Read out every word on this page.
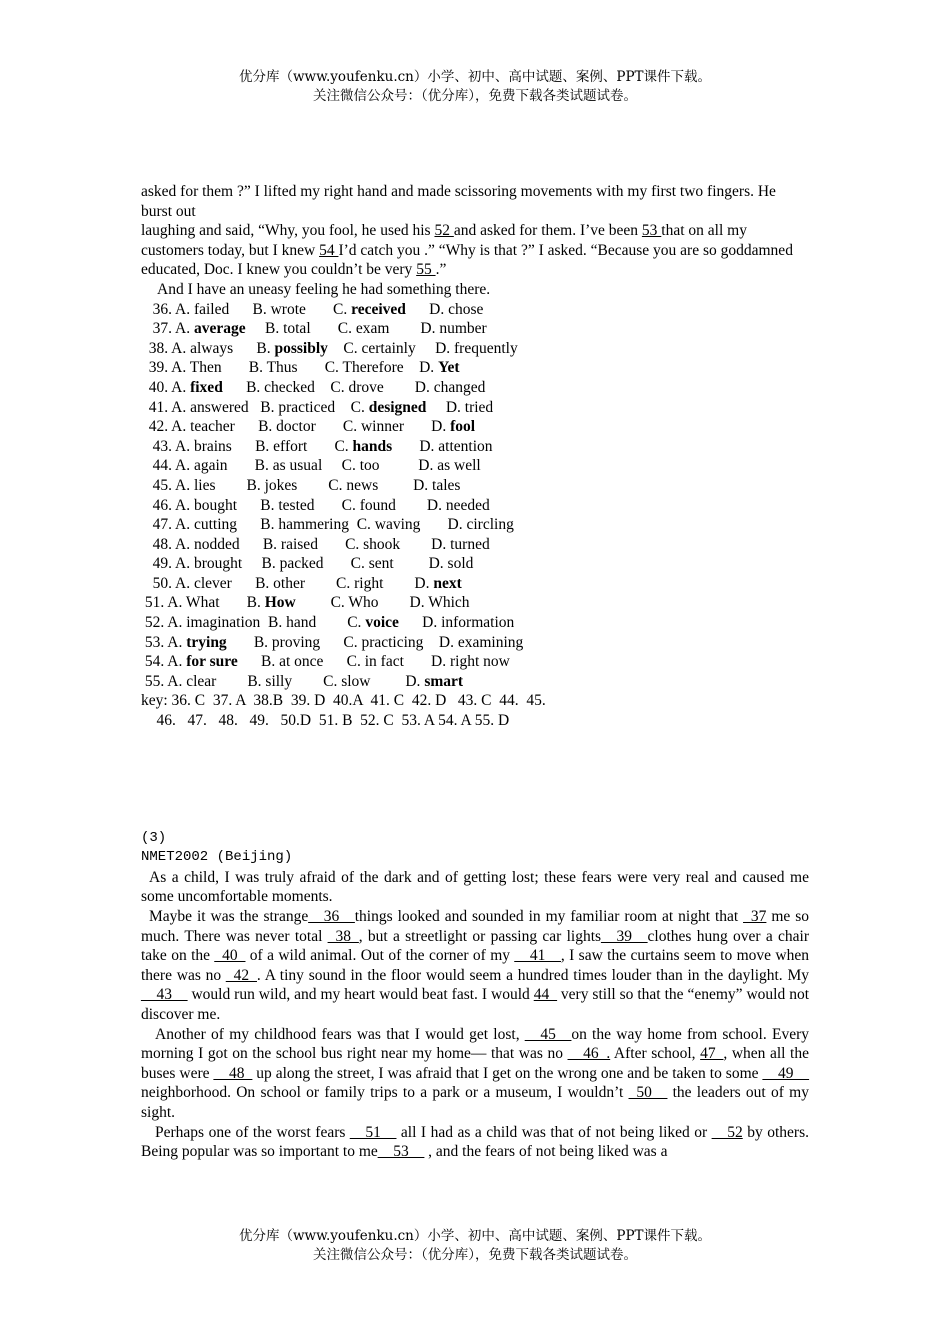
优分库（www.youfenku.cn）小学、初中、高中试题、案例、PPT课件下载。
关注微信公众号：（优分库），免费下载各类试题试卷。

asked for them ?” I lifted my right hand and made scissoring movements with my first two fingers. He burst out

laughing and said, “Why, you fool, he used his 52 and asked for them. I’ve been 53 that on all my customers today, but I knew 54 I’d catch you .” “Why is that ?” I asked. “Because you are so goddamned educated, Doc. I knew you couldn’t be very 55 .”

And I have an uneasy feeling he had something there.

36. A. failed      B. wrote       C. received      D. chose

37. A. average     B. total       C. exam        D. number

38. A. always      B. possibly    C. certainly     D. frequently

39. A. Then       B. Thus       C. Therefore    D. Yet

40. A. fixed      B. checked    C. drove        D. changed

41. A. answered   B. practiced    C. designed     D. tried

42. A. teacher      B. doctor       C. winner       D. fool

43. A. brains      B. effort       C. hands       D. attention

44. A. again       B. as usual     C. too          D. as well

45. A. lies        B. jokes        C. news         D. tales

46. A. bought      B. tested       C. found        D. needed

47. A. cutting      B. hammering  C. waving       D. circling

48. A. nodded      B. raised       C. shook        D. turned

49. A. brought     B. packed       C. sent         D. sold

50. A. clever      B. other        C. right        D. next

51. A. What       B. How         C. Who        D. Which

52. A. imagination  B. hand        C. voice      D. information

53. A. trying       B. proving      C. practicing    D. examining

54. A. for sure      B. at once      C. in fact       D. right now

55. A. clear        B. silly        C. slow         D. smart

key: 36. C  37. A  38.B  39. D  40.A  41. C  42. D   43. C  44.  45.

46.   47.   48.   49.   50.D  51. B  52. C  53. A 54. A 55. D

(3)

NMET2002 (Beijing)

As a child, I was truly afraid of the dark and of getting lost; these fears were very real and caused me some uncomfortable moments.

Maybe it was the strange__36__things looked and sounded in my familiar room at night that _37 me so much. There was never total _38_, but a streetlight or passing car lights__39__clothes hung over a chair take on the _40_ of a wild animal. Out of the corner of my __41__, I saw the curtains seem to move when there was no _42_. A tiny sound in the floor would seem a hundred times louder than in the daylight. My __43__ would run wild, and my heart would beat fast. I would 44_ very still so that the “enemy” would not discover me.

Another of my childhood fears was that I would get lost, __45__on the way home from school. Every morning I got on the school bus right near my home— that was no __46_. After school, 47_, when all the buses were __48_ up along the street, I was afraid that I get on the wrong one and be taken to some __49__ neighborhood. On school or family trips to a park or a museum, I wouldn’t _50__ the leaders out of my sight.

Perhaps one of the worst fears __51__ all I had as a child was that of not being liked or __52 by others. Being popular was so important to me__53__ , and the fears of not being liked was a

优分库（www.youfenku.cn）小学、初中、高中试题、案例、PPT课件下载。
关注微信公众号：（优分库），免费下载各类试题试卷。
